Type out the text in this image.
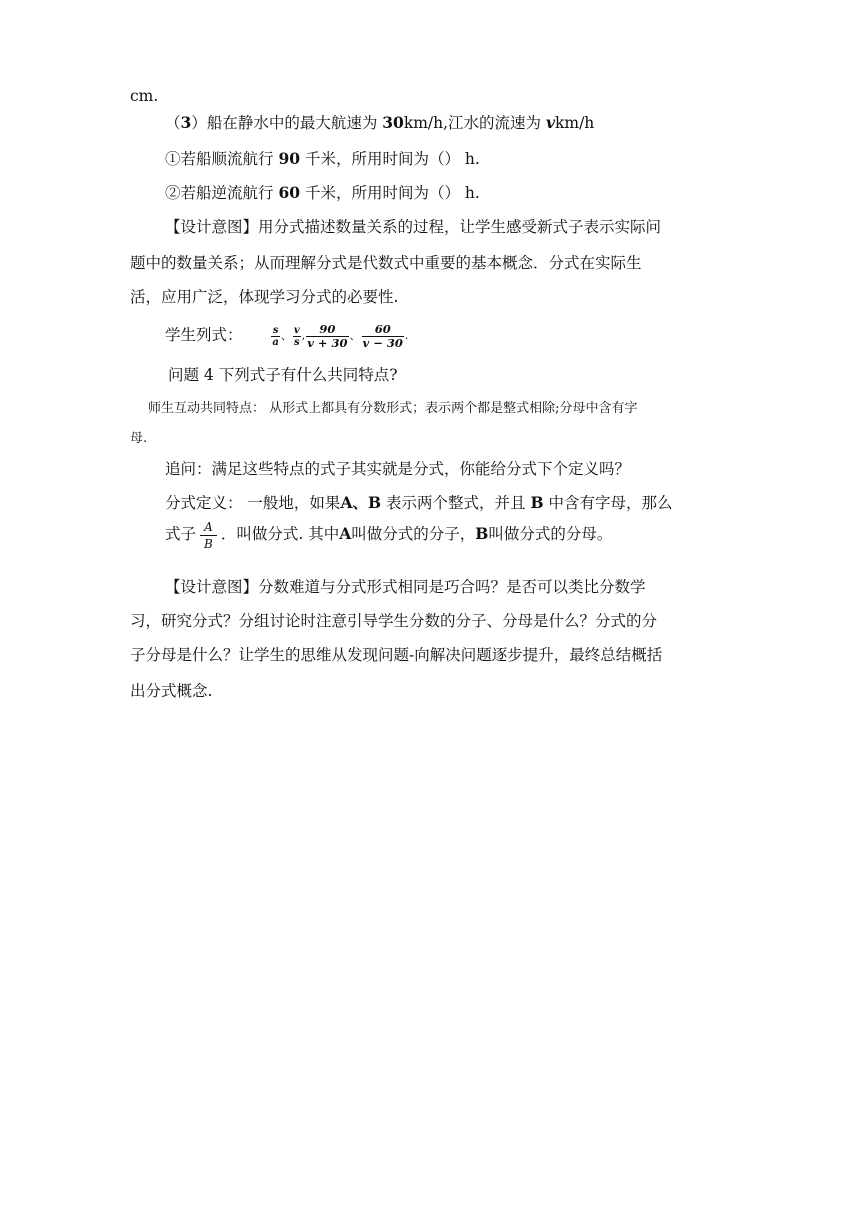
cm.
（3）船在静水中的最大航速为 30km/h,江水的流速为 vkm/h
①若船顺流航行 90 千米，所用时间为（） h.
②若船逆流航行 60 千米，所用时间为（） h.
【设计意图】用分式描述数量关系的过程，让学生感受新式子表示实际问
题中的数量关系；从而理解分式是代数式中重要的基本概念．分式在实际生
活，应用广泛，体现学习分式的必要性.
学生列式：	$\frac{s}{a}$ 、 $\frac{v}{s}$ , $\frac{90}{v + 30}$ 、 $\frac{60}{v - 30}$ .
问题 4 下列式子有什么共同特点?
师生互动共同特点： 从形式上都具有分数形式；表示两个都是整式相除;分母中含有字
母.
追问：满足这些特点的式子其实就是分式，你能给分式下个定义吗？
分式定义： 一般地，如果A、B 表示两个整式，并且 B 中含有字母，那么
式子 $\frac{A}{B}$ ．叫做分式. 其中A叫做分式的分子，B叫做分式的分母。
【设计意图】分数难道与分式形式相同是巧合吗？是否可以类比分数学
习，研究分式？分组讨论时注意引导学生分数的分子、分母是什么？分式的分
子分母是什么？让学生的思维从发现问题-向解决问题逐步提升，最终总结概括
出分式概念.
